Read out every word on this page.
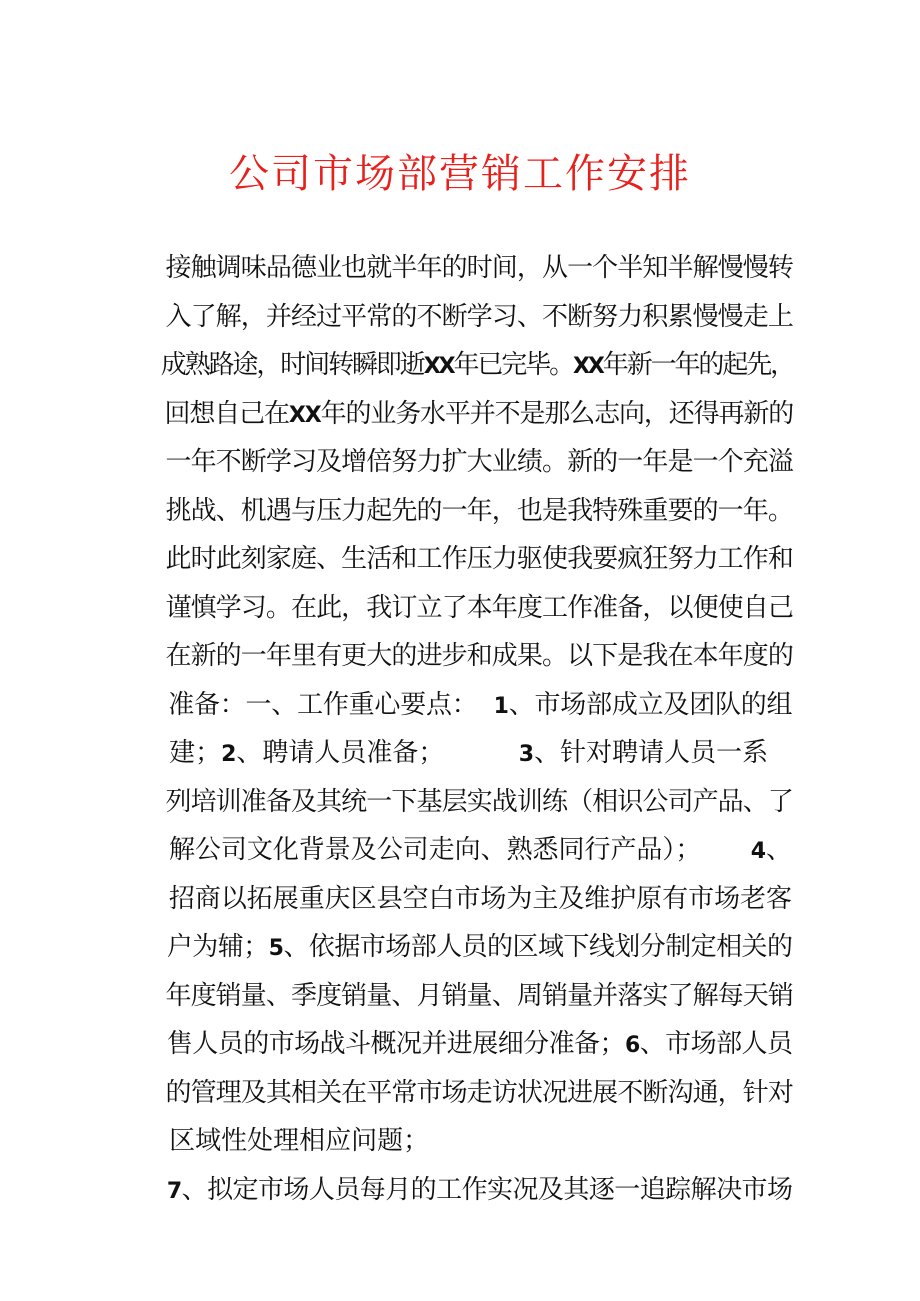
公司市场部营销工作安排

接触调味品德业也就半年的时间，从一个半知半解慢慢转

入了解，并经过平常的不断学习、不断努力积累慢慢走上

成熟路途，时间转瞬即逝XX年已完毕。XX年新一年的起先，

回想自己在XX年的业务水平并不是那么志向，还得再新的

一年不断学习及增倍努力扩大业绩。新的一年是一个充溢

挑战、机遇与压力起先的一年，也是我特殊重要的一年。

此时此刻家庭、生活和工作压力驱使我要疯狂努力工作和

谨慎学习。在此，我订立了本年度工作准备，以便使自己

在新的一年里有更大的进步和成果。以下是我在本年度的

准备：一、工作重心要点：  1、市场部成立及团队的组

建；2、聘请人员准备；         3、针对聘请人员一系

列培训准备及其统一下基层实战训练（相识公司产品、了

解公司文化背景及公司走向、熟悉同行产品）；      4、

招商以拓展重庆区县空白市场为主及维护原有市场老客

户为辅；5、依据市场部人员的区域下线划分制定相关的

年度销量、季度销量、月销量、周销量并落实了解每天销

售人员的市场战斗概况并进展细分准备；6、市场部人员

的管理及其相关在平常市场走访状况进展不断沟通，针对

区域性处理相应问题；

7、拟定市场人员每月的工作实况及其逐一追踪解决市场
